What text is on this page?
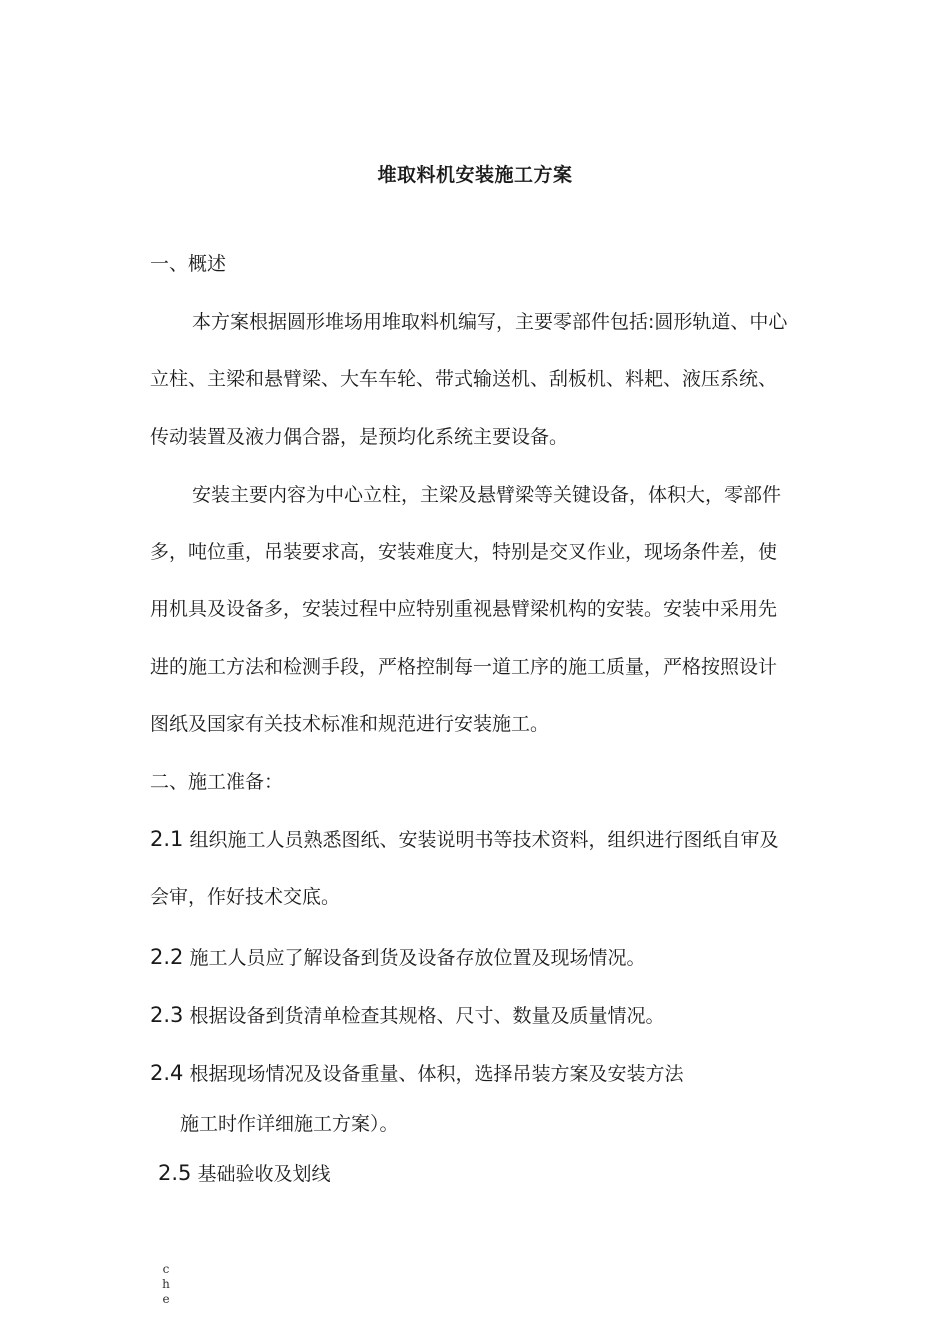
堆取料机安装施工方案
一、概述
本方案根据圆形堆场用堆取料机编写，主要零部件包括:圆形轨道、中心
立柱、主梁和悬臂梁、大车车轮、带式输送机、刮板机、料耙、液压系统、
传动装置及液力偶合器，是预均化系统主要设备。
安装主要内容为中心立柱，主梁及悬臂梁等关键设备，体积大，零部件
多，吨位重，吊装要求高，安装难度大，特别是交叉作业，现场条件差，使
用机具及设备多，安装过程中应特别重视悬臂梁机构的安装。安装中采用先
进的施工方法和检测手段，严格控制每一道工序的施工质量，严格按照设计
图纸及国家有关技术标准和规范进行安装施工。
二、施工准备：
2.1 组织施工人员熟悉图纸、安装说明书等技术资料，组织进行图纸自审及
会审，作好技术交底。
2.2 施工人员应了解设备到货及设备存放位置及现场情况。
2.3 根据设备到货清单检查其规格、尺寸、数量及质量情况。
2.4 根据现场情况及设备重量、体积，选择吊装方案及安装方法
施工时作详细施工方案）。
2.5 基础验收及划线
c
h
e
